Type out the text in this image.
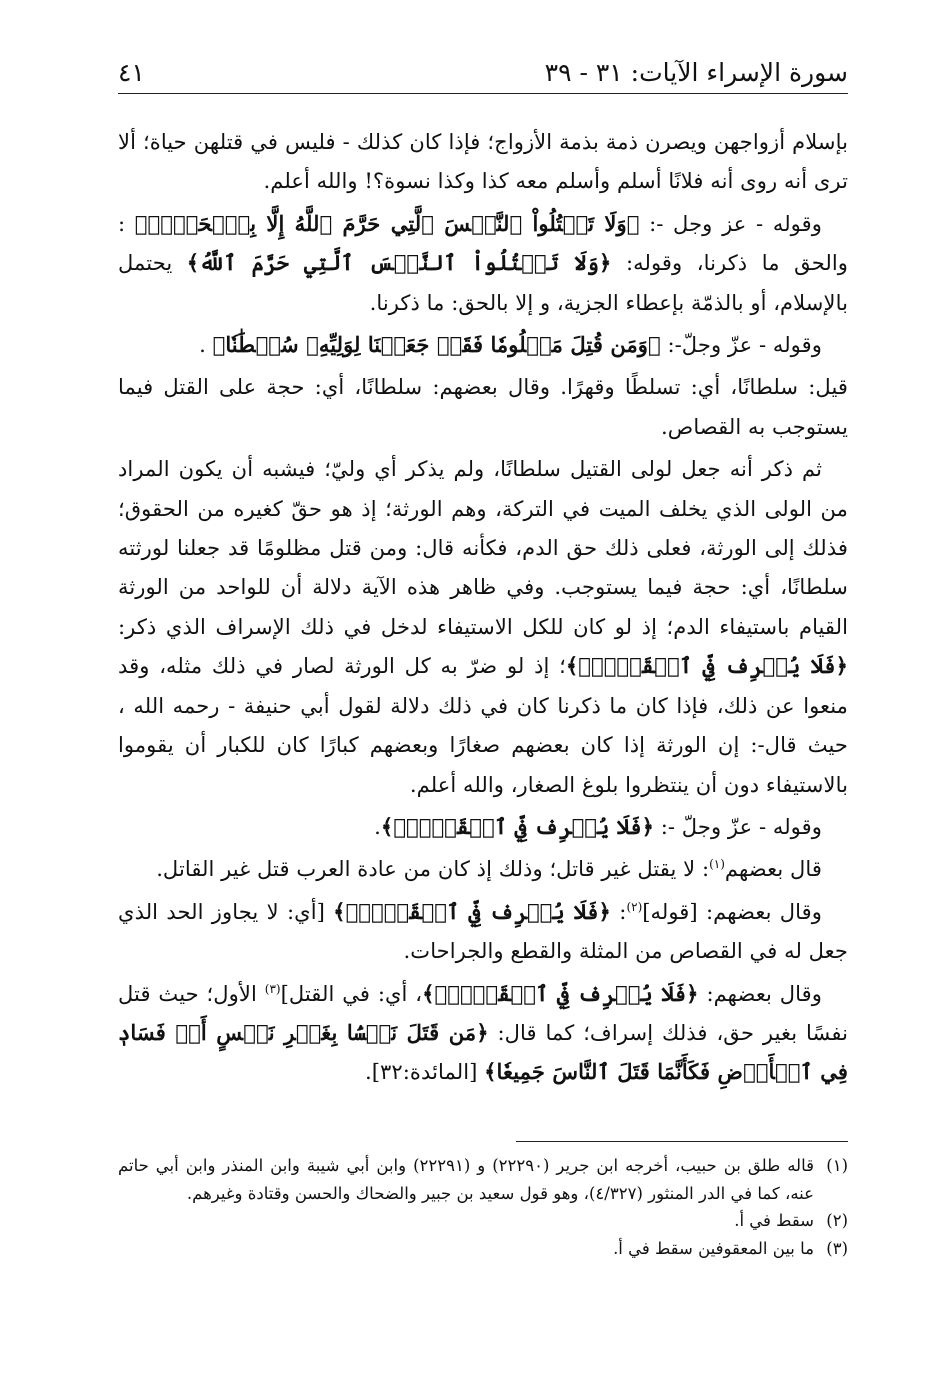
سورة الإسراء الآيات: ٣١ - ٣٩
٤١

بإسلام أزواجهن ويصرن ذمة بذمة الأزواج؛ فإذا كان كذلك - فليس في قتلهن حياة؛ ألا ترى أنه روى أنه فلانًا أسلم وأسلم معه كذا وكذا نسوة؟! والله أعلم.

وقوله - عز وجل -: ﴿وَلَا تَقۡتُلُواْ ٱلنَّفۡسَ ٱلَّتِي حَرَّمَ ٱللَّهُ إِلَّا بِٱلۡحَقِّۗ﴾ : والحق ما ذكرنا، وقوله: ﴿وَلَا تَقۡتُلُواْ ٱلنَّفۡسَ ٱلَّتِي حَرَّمَ ٱللَّهُ﴾ يحتمل بالإسلام، أو بالذمّة بإعطاء الجزية، و إلا بالحق: ما ذكرنا.

وقوله - عزّ وجلّ-: ﴿وَمَن قُتِلَ مَظۡلُومٗا فَقَدۡ جَعَلۡنَا لِوَلِيِّهِۦ سُلۡطَٰنٗا﴾ .

قيل: سلطانًا، أي: تسلطًا وقهرًا. وقال بعضهم: سلطانًا، أي: حجة على القتل فيما يستوجب به القصاص.

ثم ذكر أنه جعل لولى القتيل سلطانًا، ولم يذكر أي وليّ؛ فيشبه أن يكون المراد من الولى الذي يخلف الميت في التركة، وهم الورثة؛ إذ هو حقّ كغيره من الحقوق؛ فذلك إلى الورثة، فعلى ذلك حق الدم، فكأنه قال: ومن قتل مظلومًا قد جعلنا لورثته سلطانًا، أي: حجة فيما يستوجب. وفي ظاهر هذه الآية دلالة أن للواحد من الورثة القيام باستيفاء الدم؛ إذ لو كان للكل الاستيفاء لدخل في ذلك الإسراف الذي ذكر: ﴿فَلَا يُسۡرِف فِّي ٱلۡقَتۡلِۖ﴾؛ إذ لو ضرّ به كل الورثة لصار في ذلك مثله، وقد منعوا عن ذلك، فإذا كان ما ذكرنا كان في ذلك دلالة لقول أبي حنيفة - رحمه الله ، حيث قال-: إن الورثة إذا كان بعضهم صغارًا وبعضهم كبارًا كان للكبار أن يقوموا بالاستيفاء دون أن ينتظروا بلوغ الصغار، والله أعلم.

وقوله - عزّ وجلّ -: ﴿فَلَا يُسۡرِف فِّي ٱلۡقَتۡلِۖ﴾.

قال بعضهم$^{(١)}$: لا يقتل غير قاتل؛ وذلك إذ كان من عادة العرب قتل غير القاتل.

وقال بعضهم: [قوله]$^{(٢)}$: ﴿فَلَا يُسۡرِف فِّي ٱلۡقَتۡلِۖ﴾ [أي: لا يجاوز الحد الذي جعل له في القصاص من المثلة والقطع والجراحات.

وقال بعضهم: ﴿فَلَا يُسۡرِف فِّي ٱلۡقَتۡلِۖ﴾، أي: في القتل]$^{(٣)}$ الأول؛ حيث قتل نفسًا بغير حق، فذلك إسراف؛ كما قال: ﴿مَن قَتَلَ نَفۡسَۢا بِغَيۡرِ نَفۡسٍ أَوۡ فَسَادٖ فِي ٱلۡأَرۡضِ فَكَأَنَّمَا قَتَلَ ٱلنَّاسَ جَمِيعٗا﴾ [المائدة:٣٢].

(١)
قاله طلق بن حبيب، أخرجه ابن جرير (٢٢٢٩٠) و (٢٢٢٩١) وابن أبي شيبة وابن المنذر وابن أبي حاتم عنه، كما في الدر المنثور (٤/٣٢٧)، وهو قول سعيد بن جبير والضحاك والحسن وقتادة وغيرهم.
(٢)
سقط في أ.
(٣)
ما بين المعقوفين سقط في أ.
